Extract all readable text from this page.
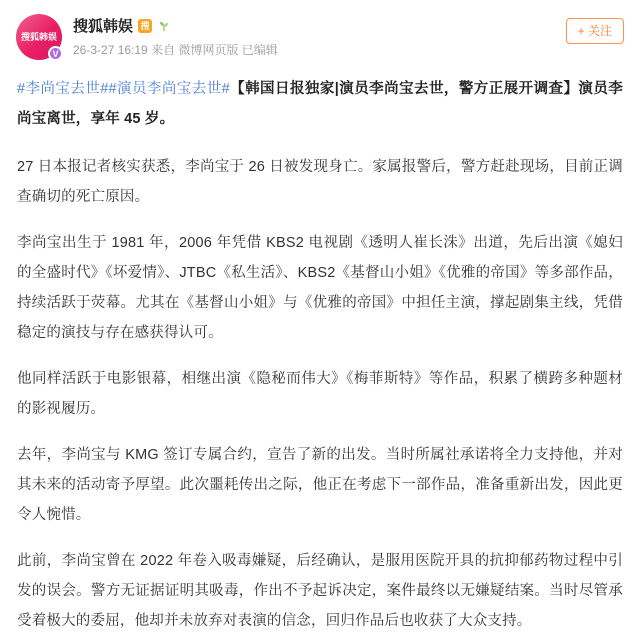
搜狐韩娱
V
搜狐韩娱 搜
26-3-27 16:19 来自 微博网页版 已编辑
+ 关注

#李尚宝去世##演员李尚宝去世#【韩国日报独家|演员李尚宝去世，警方正展开调查】演员李尚宝离世，享年 45 岁。

27 日本报记者核实获悉，李尚宝于 26 日被发现身亡。家属报警后，警方赶赴现场，目前正调查确切的死亡原因。

李尚宝出生于 1981 年，2006 年凭借 KBS2 电视剧《透明人崔长洙》出道，先后出演《媳妇的全盛时代》《坏爱情》、JTBC《私生活》、KBS2《基督山小姐》《优雅的帝国》等多部作品，持续活跃于荧幕。尤其在《基督山小姐》与《优雅的帝国》中担任主演，撑起剧集主线，凭借稳定的演技与存在感获得认可。

他同样活跃于电影银幕，相继出演《隐秘而伟大》《梅菲斯特》等作品，积累了横跨多种题材的影视履历。

去年，李尚宝与 KMG 签订专属合约，宣告了新的出发。当时所属社承诺将全力支持他，并对其未来的活动寄予厚望。此次噩耗传出之际，他正在考虑下一部作品，准备重新出发，因此更令人惋惜。

此前，李尚宝曾在 2022 年卷入吸毒嫌疑，后经确认，是服用医院开具的抗抑郁药物过程中引发的误会。警方无证据证明其吸毒，作出不予起诉决定，案件最终以无嫌疑结案。当时尽管承受着极大的委屈，他却并未放弃对表演的信念，回归作品后也收获了大众支持。
